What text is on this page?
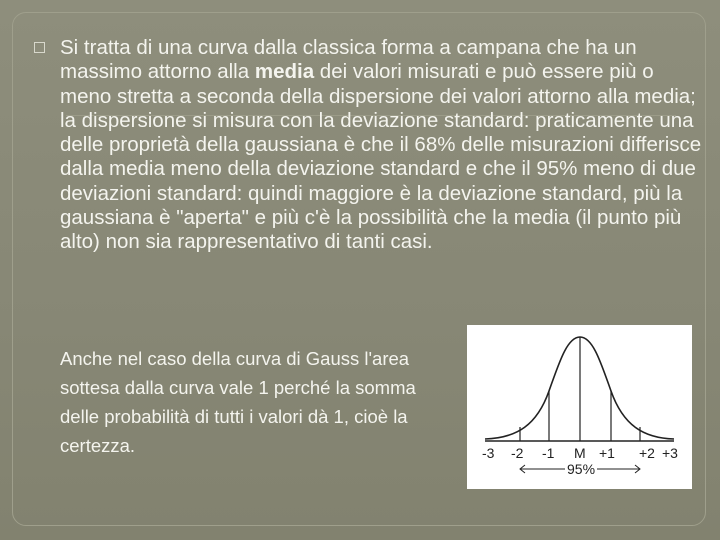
Si tratta di una curva dalla classica forma a campana che ha un massimo attorno alla media dei valori misurati e può essere più o meno stretta a seconda della dispersione dei valori attorno alla media; la dispersione si misura con la deviazione standard: praticamente una delle proprietà della gaussiana è che il 68% delle misurazioni differisce dalla media meno della deviazione standard e che il 95% meno di due deviazioni standard: quindi maggiore è la deviazione standard, più la gaussiana è "aperta" e più c'è la possibilità che la media (il punto più alto) non sia rappresentativo di tanti casi.

Anche nel caso della curva di Gauss l'area sottesa dalla curva vale 1 perché la somma delle probabilità di tutti i valori dà 1, cioè la certezza.	-3 -2 -1 M +1 +2 +3
95%
